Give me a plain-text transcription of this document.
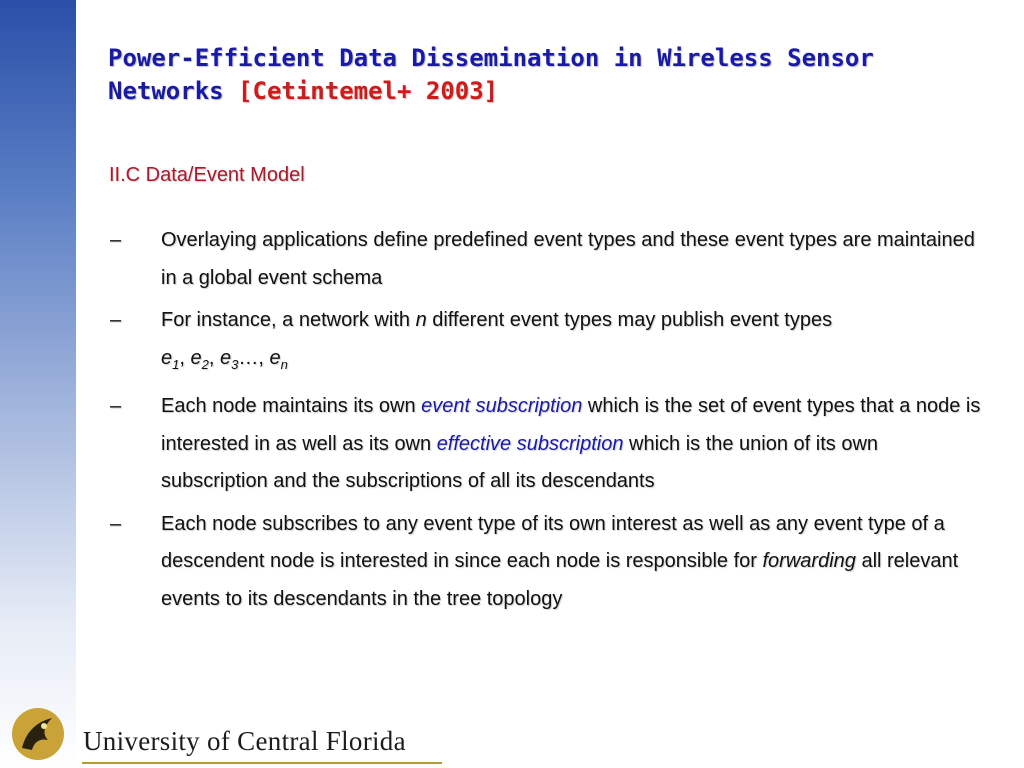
Power-Efficient Data Dissemination in Wireless Sensor Networks [Cetintemel+ 2003]
II.C Data/Event Model
– Overlaying applications define predefined event types and these event types are maintained in a global event schema
– For instance, a network with n different event types may publish event types
$e_1$, $e_2$, $e_3\dots$, $e_n$
– Each node maintains its own event subscription which is the set of event types that a node is interested in as well as its own effective subscription which is the union of its own subscription and the subscriptions of all its descendants
– Each node subscribes to any event type of its own interest as well as any event type of a descendent node is interested in since each node is responsible for forwarding all relevant events to its descendants in the tree topology
University of Central Florida
